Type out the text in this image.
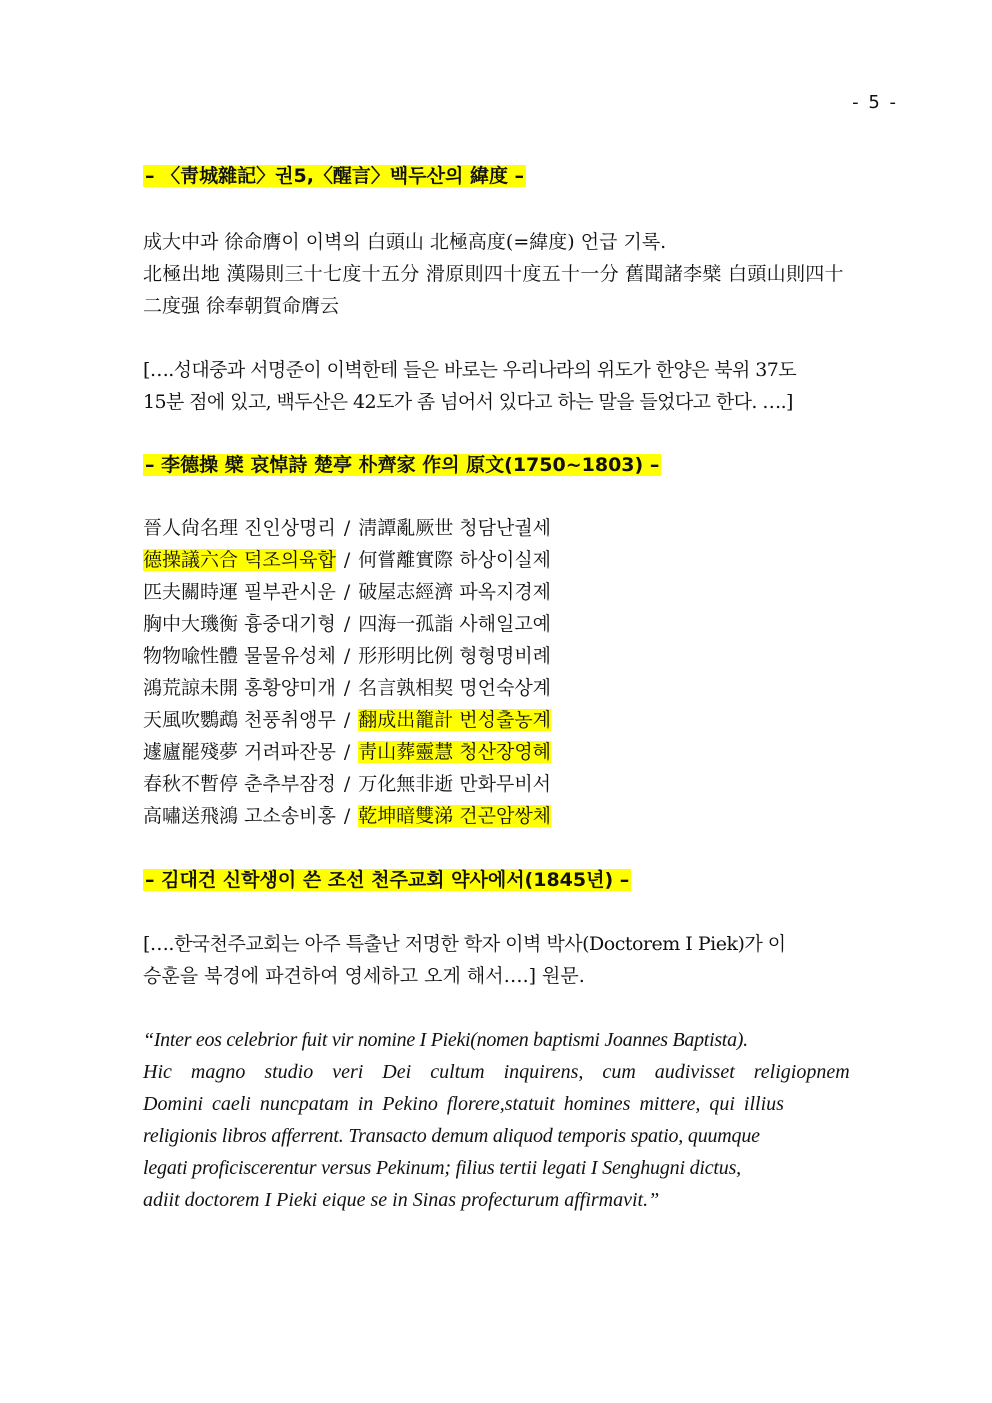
- 5 -
– 〈靑城雜記〉권5,〈醒言〉백두산의 緯度 –
成大中과 徐命膺이 이벽의 白頭山 北極高度(=緯度) 언급 기록.
北極出地 漢陽則三十七度十五分 滑原則四十度五十一分 舊聞諸李檗 白頭山則四十
二度强 徐奉朝賀命膺云
[….성대중과 서명준이 이벽한테 들은 바로는 우리나라의 위도가 한양은 북위 37도
15분 점에 있고, 백두산은 42도가 좀 넘어서 있다고 하는 말을 들었다고 한다. ….]
– 李德操 檗 哀悼詩 楚亭 朴齊家 作의 原文(1750~1803) –
晉人尙名理 진인상명리 / 淸譚亂厥世 청담난궐세
德操議六合 덕조의육합 / 何嘗離實際 하상이실제
匹夫關時運 필부관시운 / 破屋志經濟 파옥지경제
胸中大璣衡 흉중대기형 / 四海一孤詣 사해일고예
物物喩性體 물물유성체 / 形形明比例 형형명비례
鴻荒諒未開 홍황양미개 / 名言孰相契 명언숙상계
天風吹鸚鵡 천풍취앵무 / 翻成出籠計 번성출농계
遽廬罷殘夢 거려파잔몽 / 靑山葬靈慧 청산장영혜
春秋不暫停 춘추부잠정 / 万化無非逝 만화무비서
高嘯送飛鴻 고소송비홍 / 乾坤暗雙涕 건곤암쌍체
– 김대건 신학생이 쓴 조선 천주교회 약사에서(1845년) –
[….한국천주교회는 아주 특출난 저명한 학자 이벽 박사(Doctorem I Piek)가 이
승훈을 북경에 파견하여 영세하고 오게 해서….] 원문.
“Inter eos celebrior fuit vir nomine I Pieki(nomen baptismi Joannes Baptista).
Hic magno studio veri Dei cultum inquirens, cum audivisset religiopnem
Domini caeli nuncpatam in Pekino florere,statuit homines mittere, qui illius
religionis libros afferrent. Transacto demum aliquod temporis spatio, quumque
legati proficiscerentur versus Pekinum; filius tertii legati I Senghugni dictus,
adiit doctorem I Pieki eique se in Sinas profecturum affirmavit.”
